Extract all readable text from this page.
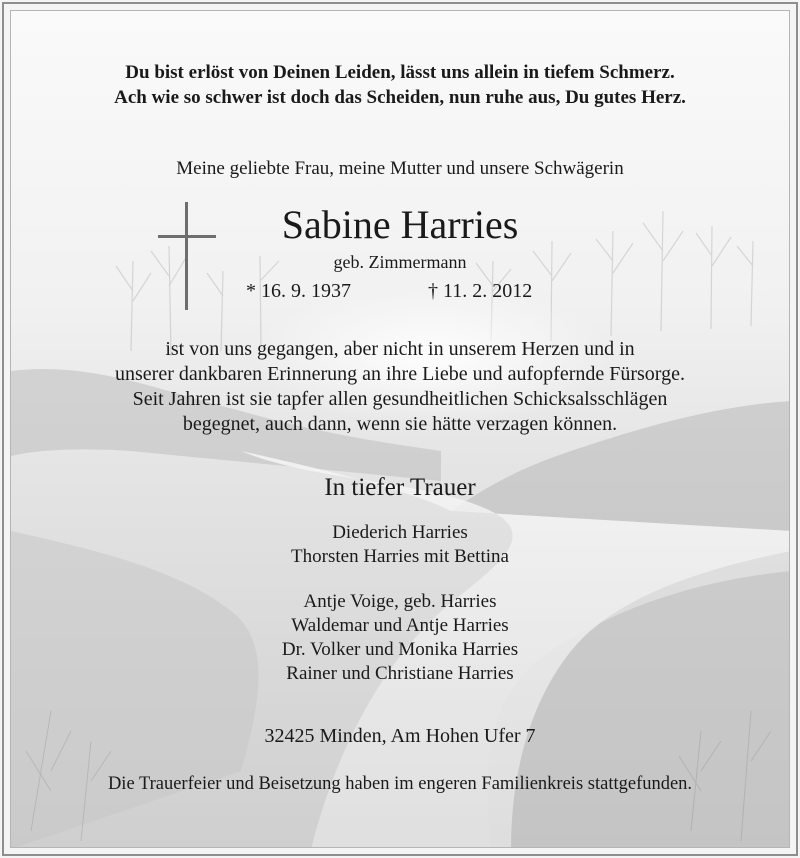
Du bist erlöst von Deinen Leiden, lässt uns allein in tiefem Schmerz.
Ach wie so schwer ist doch das Scheiden, nun ruhe aus, Du gutes Herz.
Meine geliebte Frau, meine Mutter und unsere Schwägerin
Sabine Harries
geb. Zimmermann
* 16. 9. 1937	† 11. 2. 2012
ist von uns gegangen, aber nicht in unserem Herzen und in
unserer dankbaren Erinnerung an ihre Liebe und aufopfernde Fürsorge.
Seit Jahren ist sie tapfer allen gesundheitlichen Schicksalsschlägen
begegnet, auch dann, wenn sie hätte verzagen können.
In tiefer Trauer
Diederich Harries
Thorsten Harries mit Bettina
Antje Voige, geb. Harries
Waldemar und Antje Harries
Dr. Volker und Monika Harries
Rainer und Christiane Harries
32425 Minden, Am Hohen Ufer 7
Die Trauerfeier und Beisetzung haben im engeren Familienkreis stattgefunden.
